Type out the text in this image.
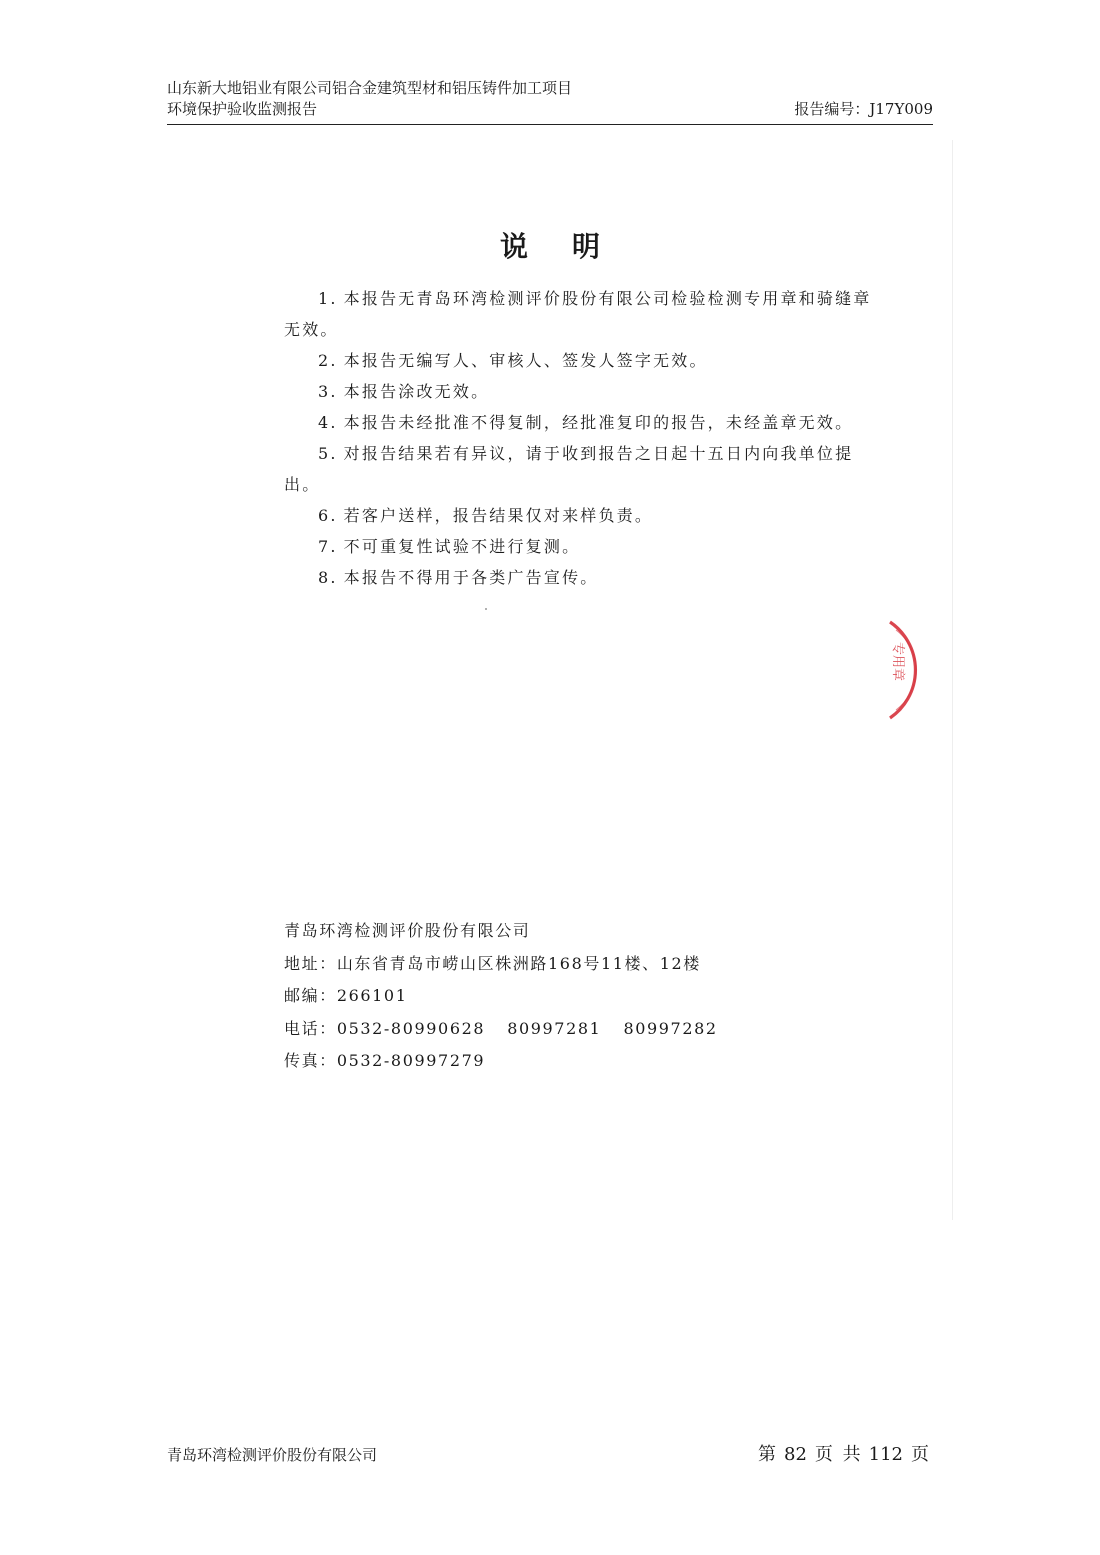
山东新大地铝业有限公司铝合金建筑型材和铝压铸件加工项目
环境保护验收监测报告	报告编号：J17Y009
说明

1. 本报告无青岛环湾检测评价股份有限公司检验检测专用章和骑缝章

无效。

2. 本报告无编写人、审核人、签发人签字无效。

3. 本报告涂改无效。

4. 本报告未经批准不得复制，经批准复印的报告，未经盖章无效。

5. 对报告结果若有异议，请于收到报告之日起十五日内向我单位提出。

6. 若客户送样，报告结果仅对来样负责。

7. 不可重复性试验不进行复测。

8. 本报告不得用于各类广告宣传。

专用章
青岛环湾检测评价股份有限公司
地址：山东省青岛市崂山区株洲路168号11楼、12楼
邮编：266101
电话：0532-80990628 80997281 80997282
传真：0532-80997279
青岛环湾检测评价股份有限公司	第 82 页 共 112 页
